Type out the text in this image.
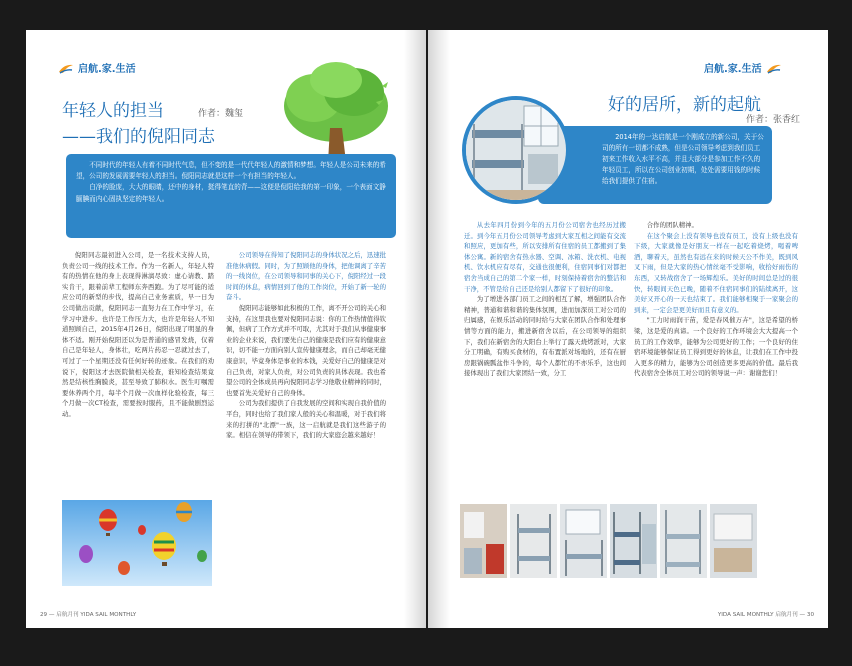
启航.家.生活
年轻人的担当	作者：魏玺
——我们的倪阳同志

不同时代的年轻人有着不同时代气息，但不变的是一代代年轻人的激情和梦想。年轻人是公司未来的希望，公司的发展需要年轻人的担当。倪阳同志就是这样一个有担当的年轻人。

白净的脸庞，大大的眼睛，还中的身材，挺得笔直的背——这便是倪阳给我的第一印象，一个表面文静腼腆而内心固执坚定的年轻人。

倪阳同志最初进入公司，是一名技术支持人员，负责公司一线的技术工作。作为一名新人，年轻人特有的热情在他的身上表现得淋漓尽致：虚心请教、踏实肯干，跟着前辈工程师东奔西跑。为了尽可能的适应公司的新型的步伐，提高自己业务素质，早一日为公司做出贡献，倪阳同志一直努力在工作中学习，在学习中进步。也许是工作压力大，也许是年轻人不知道照顾自己，2015年4月26日，倪阳出现了明显的身体不适。刚开始倪阳还以为是普通的感冒发烧，仅着自己是年轻人，身体壮，吃两片药忍一忍就过去了，可过了一个星期还没有任何好转的迹象。在我们的劝说下，倪阳这才去医院做相关检查，谁知检查结果竟然是结核性胸膜炎，甚至导致了肺积水。医生叮嘱需要休养两个月，每半个月做一次血样化验检查，每三个月做一次CT检查，需要按时服药，且不能做剧烈运动。

公司领导在得知了倪阳同志的身体状况之后，迅速批准他休病假。同时，为了照顾他的身体，把他调离了辛苦的一线岗位，在公司领导和同事的关心下，倪阳经过一段时间的休息，病情回到了他的工作岗位，开始了新一轮的奋斗。

倪阳同志能够如此积极的工作，离不开公司的关心和支持，在这里我也要对倪阳同志说：你的工作热情值得钦佩，但病了工作方式并不可取，尤其对于我们从事健康事业的企业来说，我们要先自己的健康是我们应有的健康意识，切不能一方面向别人宣传健康理念，而自己却毫无健康意识，毕竟身体是事业的本钱，关爱好自己的健康是对自己负责，对家人负责，对公司负责的具体表现。我也希望公司的全体成员再向倪阳同志学习他敬业精神的同时，也要首先关爱好自己的身体。

公司为我们提供了自我发展的空间和实现自我价值的平台，同时也给了我们家人般的关心和温暖，对于我们将来的打拼的"北漂"一族，这一启航就是我们这些游子的家。相信在领导的带领下，我们的大家庭会越来越好！

29 — 启航月刊 YIDA SAIL MONTHLY
启航.家.生活
好的居所，新的起航
作者：张香红

2014年的一达启航是一个刚成立的新公司，关于公司的所有一切都不成熟，但是公司领导考虑到我们员工初来工作收入水平不高，并且大部分是参加工作不久的年轻员工，所以在公司创业初期，处处需要用钱的时候给我们提供了住宿。

从去年四月份到今年的五月份公司宿舍也经历过搬迁。到今年五月份公司领导考虑到大家互相之间能有交流和照应，更加有些，所以安排所有住宿的员工都搬到了集体公寓。新的宿舍有热水器、空调、冰箱、洗衣机、电视机、饮水机应有尽有，交通也很便利，住宿同事们对都把宿舍当成自己的第二个家一样，时刻保持着宿舍的整洁和干净，不管是给自己还是给别人都留下了很好的印象。

为了增进各部门员工之间的相互了解，增强团队合作精神，普通和谐和谐的集体氛围，进而加深员工对公司的归属感，在娱乐活动的同时给与大家在团队合作和处理事情等方面的能力，搬进新宿舍以后，在公司领导的组织下，我们在新宿舍的大阳台上举行了露天烧烤派对，大家分工明确，有购买食材的，有布置派对场地的，还有在厨房跟锅碗瓢盆作斗争的，每个人都忙的不亦乐乎，这也间接体现出了我们大家团结一致，分工

合作的团队精神。

在这个聚会上没有领导也没有员工，没有上级也没有下级，大家就像是好朋友一样在一起吃着烧烤，喝着啤酒，聊着天，虽然也有远在来的时候天公不作美，既到风叉下雨，但是大家的热心情丝毫不受影响，收拾好雨伤的东西，又转战宿舍了一场辉煌乐。美好的时间总是过的很快，转眼间天色已晚，随着不住宿同事们的陆续离开，这美好又开心的一天也结束了。我们能够相聚于一家聚会的到来，一定会是更美好而且有意义的。

"工力时雨润干苗，爱是春风催万卉"，这是希望的桥梁，这是爱的真谛。一个良好的工作环境会大大提高一个员工的工作效率，能够为公司更好的工作；一个良好的住宿环境能够保证员工得到更好的休息，让我们在工作中投入更多的精力，能够为公司创造更多更高的价值。最后我代表宿舍全体员工对公司的领导说一声：谢谢您们！

YIDA SAIL MONTHLY 启航月刊 — 30
